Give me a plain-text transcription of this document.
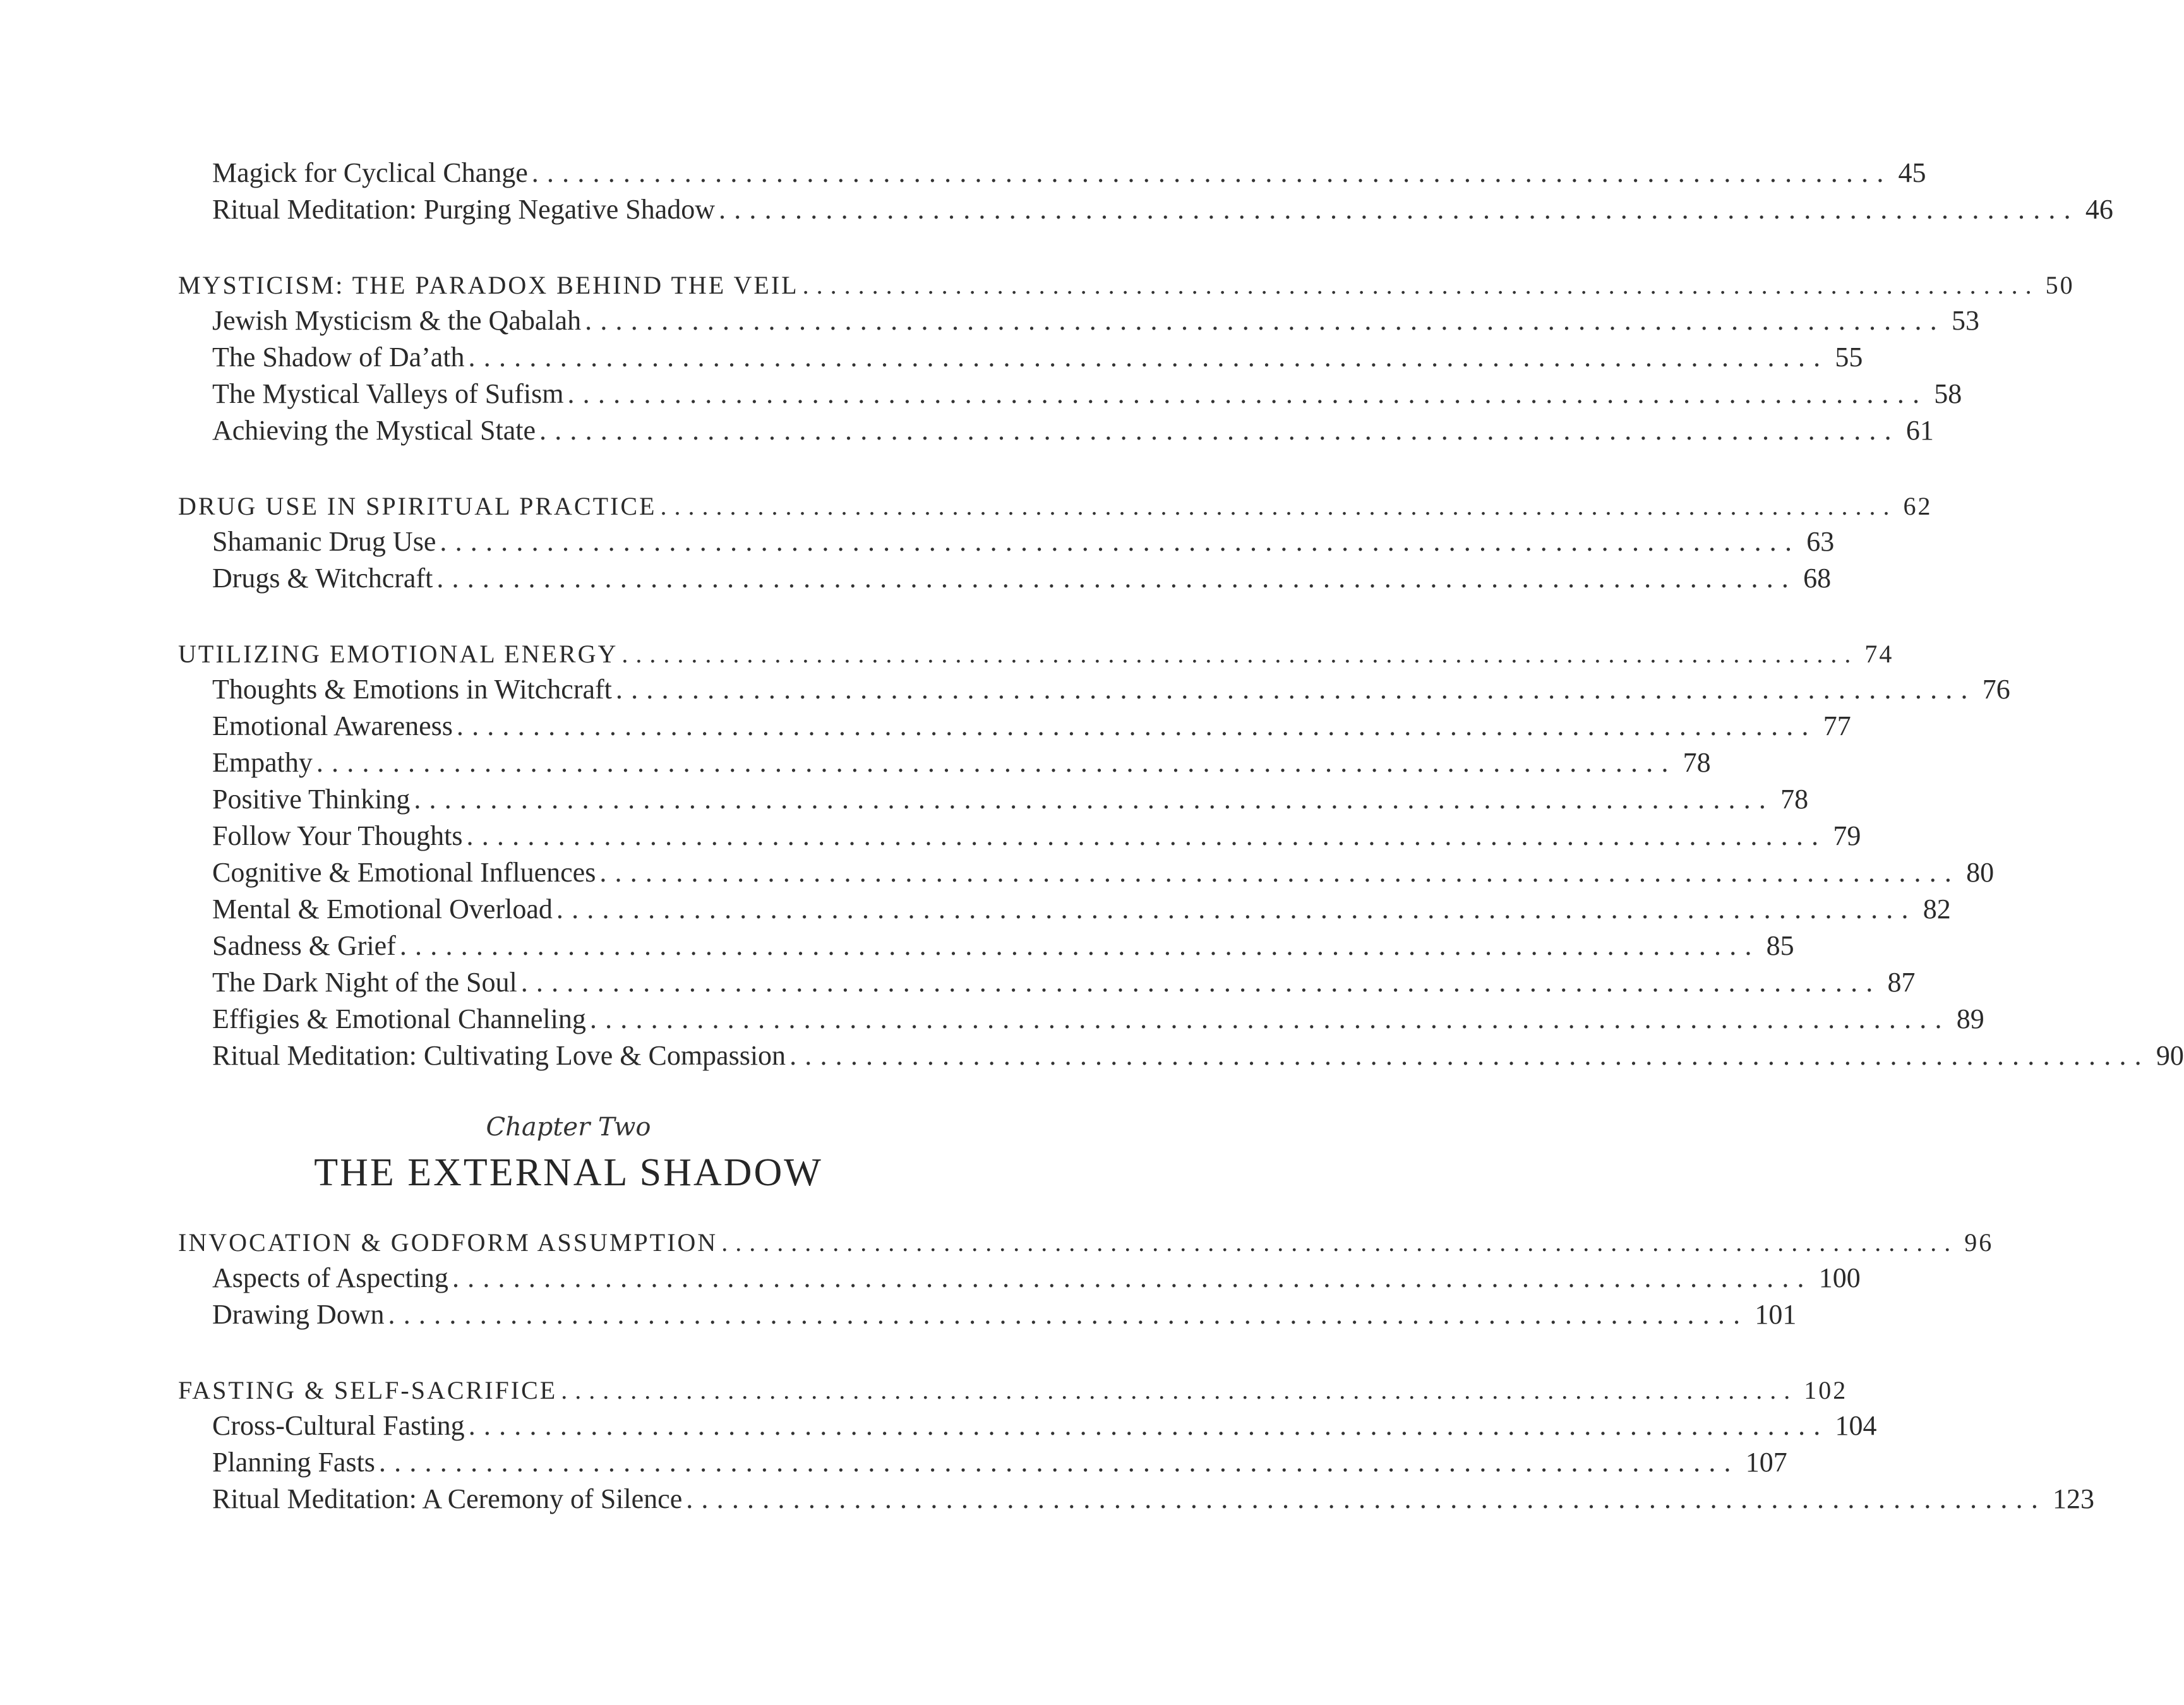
Magick for Cyclical Change ......................................................................................... 45
Ritual Meditation: Purging Negative Shadow ......................................................................................... 46
MYSTICISM: THE PARADOX BEHIND THE VEIL ......................................................................................... 50
Jewish Mysticism & the Qabalah ......................................................................................... 53
The Shadow of Da’ath ......................................................................................... 55
The Mystical Valleys of Sufism ......................................................................................... 58
Achieving the Mystical State ......................................................................................... 61
DRUG USE IN SPIRITUAL PRACTICE ......................................................................................... 62
Shamanic Drug Use ......................................................................................... 63
Drugs & Witchcraft ......................................................................................... 68
UTILIZING EMOTIONAL ENERGY ......................................................................................... 74
Thoughts & Emotions in Witchcraft ......................................................................................... 76
Emotional Awareness ......................................................................................... 77
Empathy ......................................................................................... 78
Positive Thinking ......................................................................................... 78
Follow Your Thoughts ......................................................................................... 79
Cognitive & Emotional Influences ......................................................................................... 80
Mental & Emotional Overload ......................................................................................... 82
Sadness & Grief ......................................................................................... 85
The Dark Night of the Soul ......................................................................................... 87
Effigies & Emotional Channeling ......................................................................................... 89
Ritual Meditation: Cultivating Love & Compassion ......................................................................................... 90
Chapter Two
THE EXTERNAL SHADOW
INVOCATION & GODFORM ASSUMPTION ......................................................................................... 96
Aspects of Aspecting ......................................................................................... 100
Drawing Down ......................................................................................... 101
FASTING & SELF-SACRIFICE ......................................................................................... 102
Cross-Cultural Fasting ......................................................................................... 104
Planning Fasts ......................................................................................... 107
Ritual Meditation: A Ceremony of Silence ......................................................................................... 123
